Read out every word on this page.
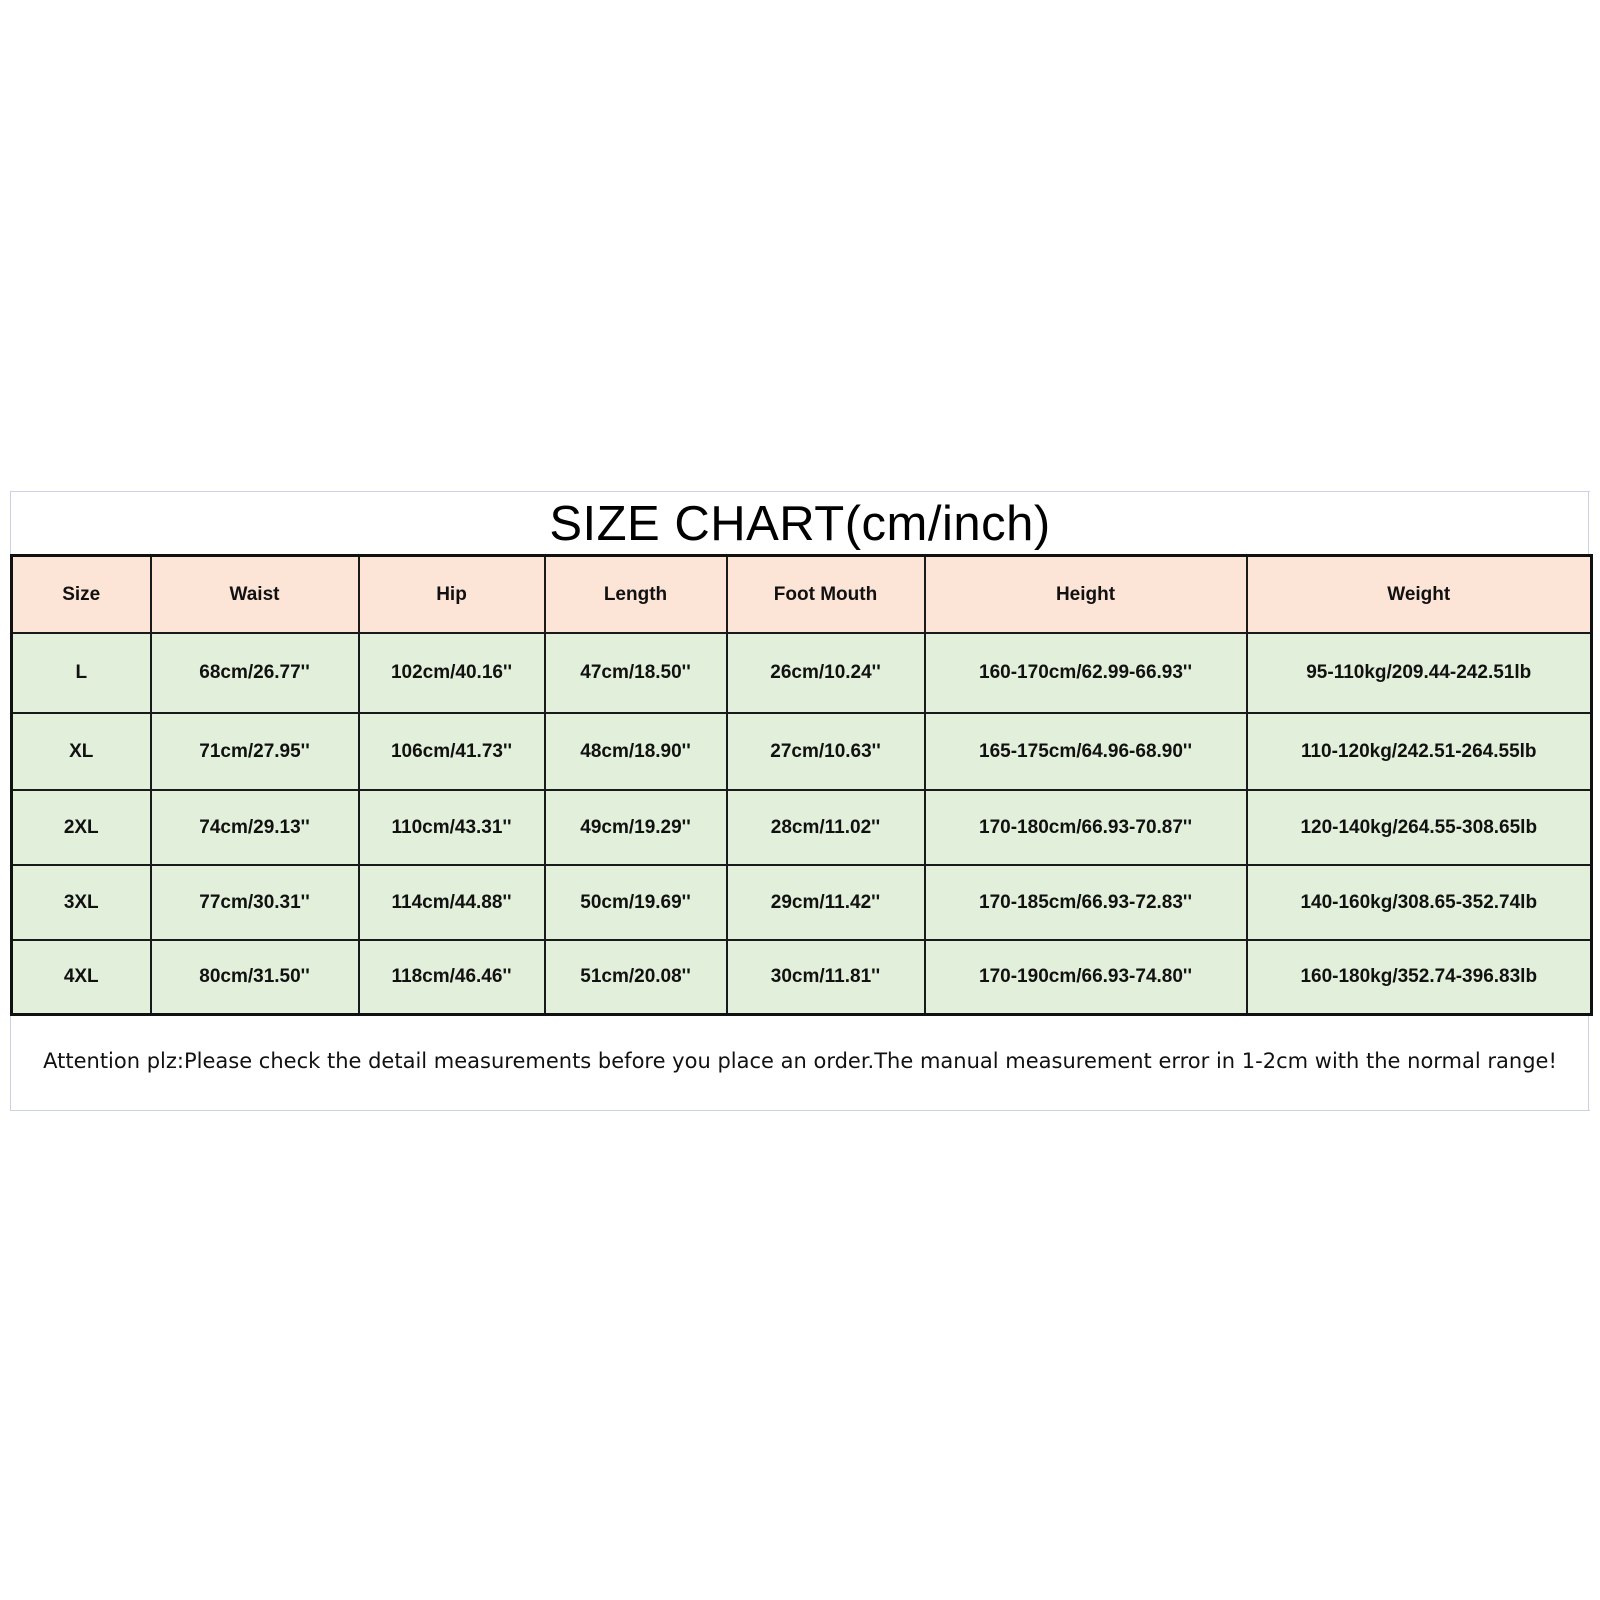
SIZE CHART(cm/inch)
Size	Waist	Hip	Length	Foot Mouth	Height	Weight
L	68cm/26.77''	102cm/40.16''	47cm/18.50''	26cm/10.24''	160-170cm/62.99-66.93''	95-110kg/209.44-242.51lb
XL	71cm/27.95''	106cm/41.73''	48cm/18.90''	27cm/10.63''	165-175cm/64.96-68.90''	110-120kg/242.51-264.55lb
2XL	74cm/29.13''	110cm/43.31''	49cm/19.29''	28cm/11.02''	170-180cm/66.93-70.87''	120-140kg/264.55-308.65lb
3XL	77cm/30.31''	114cm/44.88''	50cm/19.69''	29cm/11.42''	170-185cm/66.93-72.83''	140-160kg/308.65-352.74lb
4XL	80cm/31.50''	118cm/46.46''	51cm/20.08''	30cm/11.81''	170-190cm/66.93-74.80''	160-180kg/352.74-396.83lb
Attention plz:Please check the detail measurements before you place an order.The manual measurement error in 1-2cm with the normal range!
